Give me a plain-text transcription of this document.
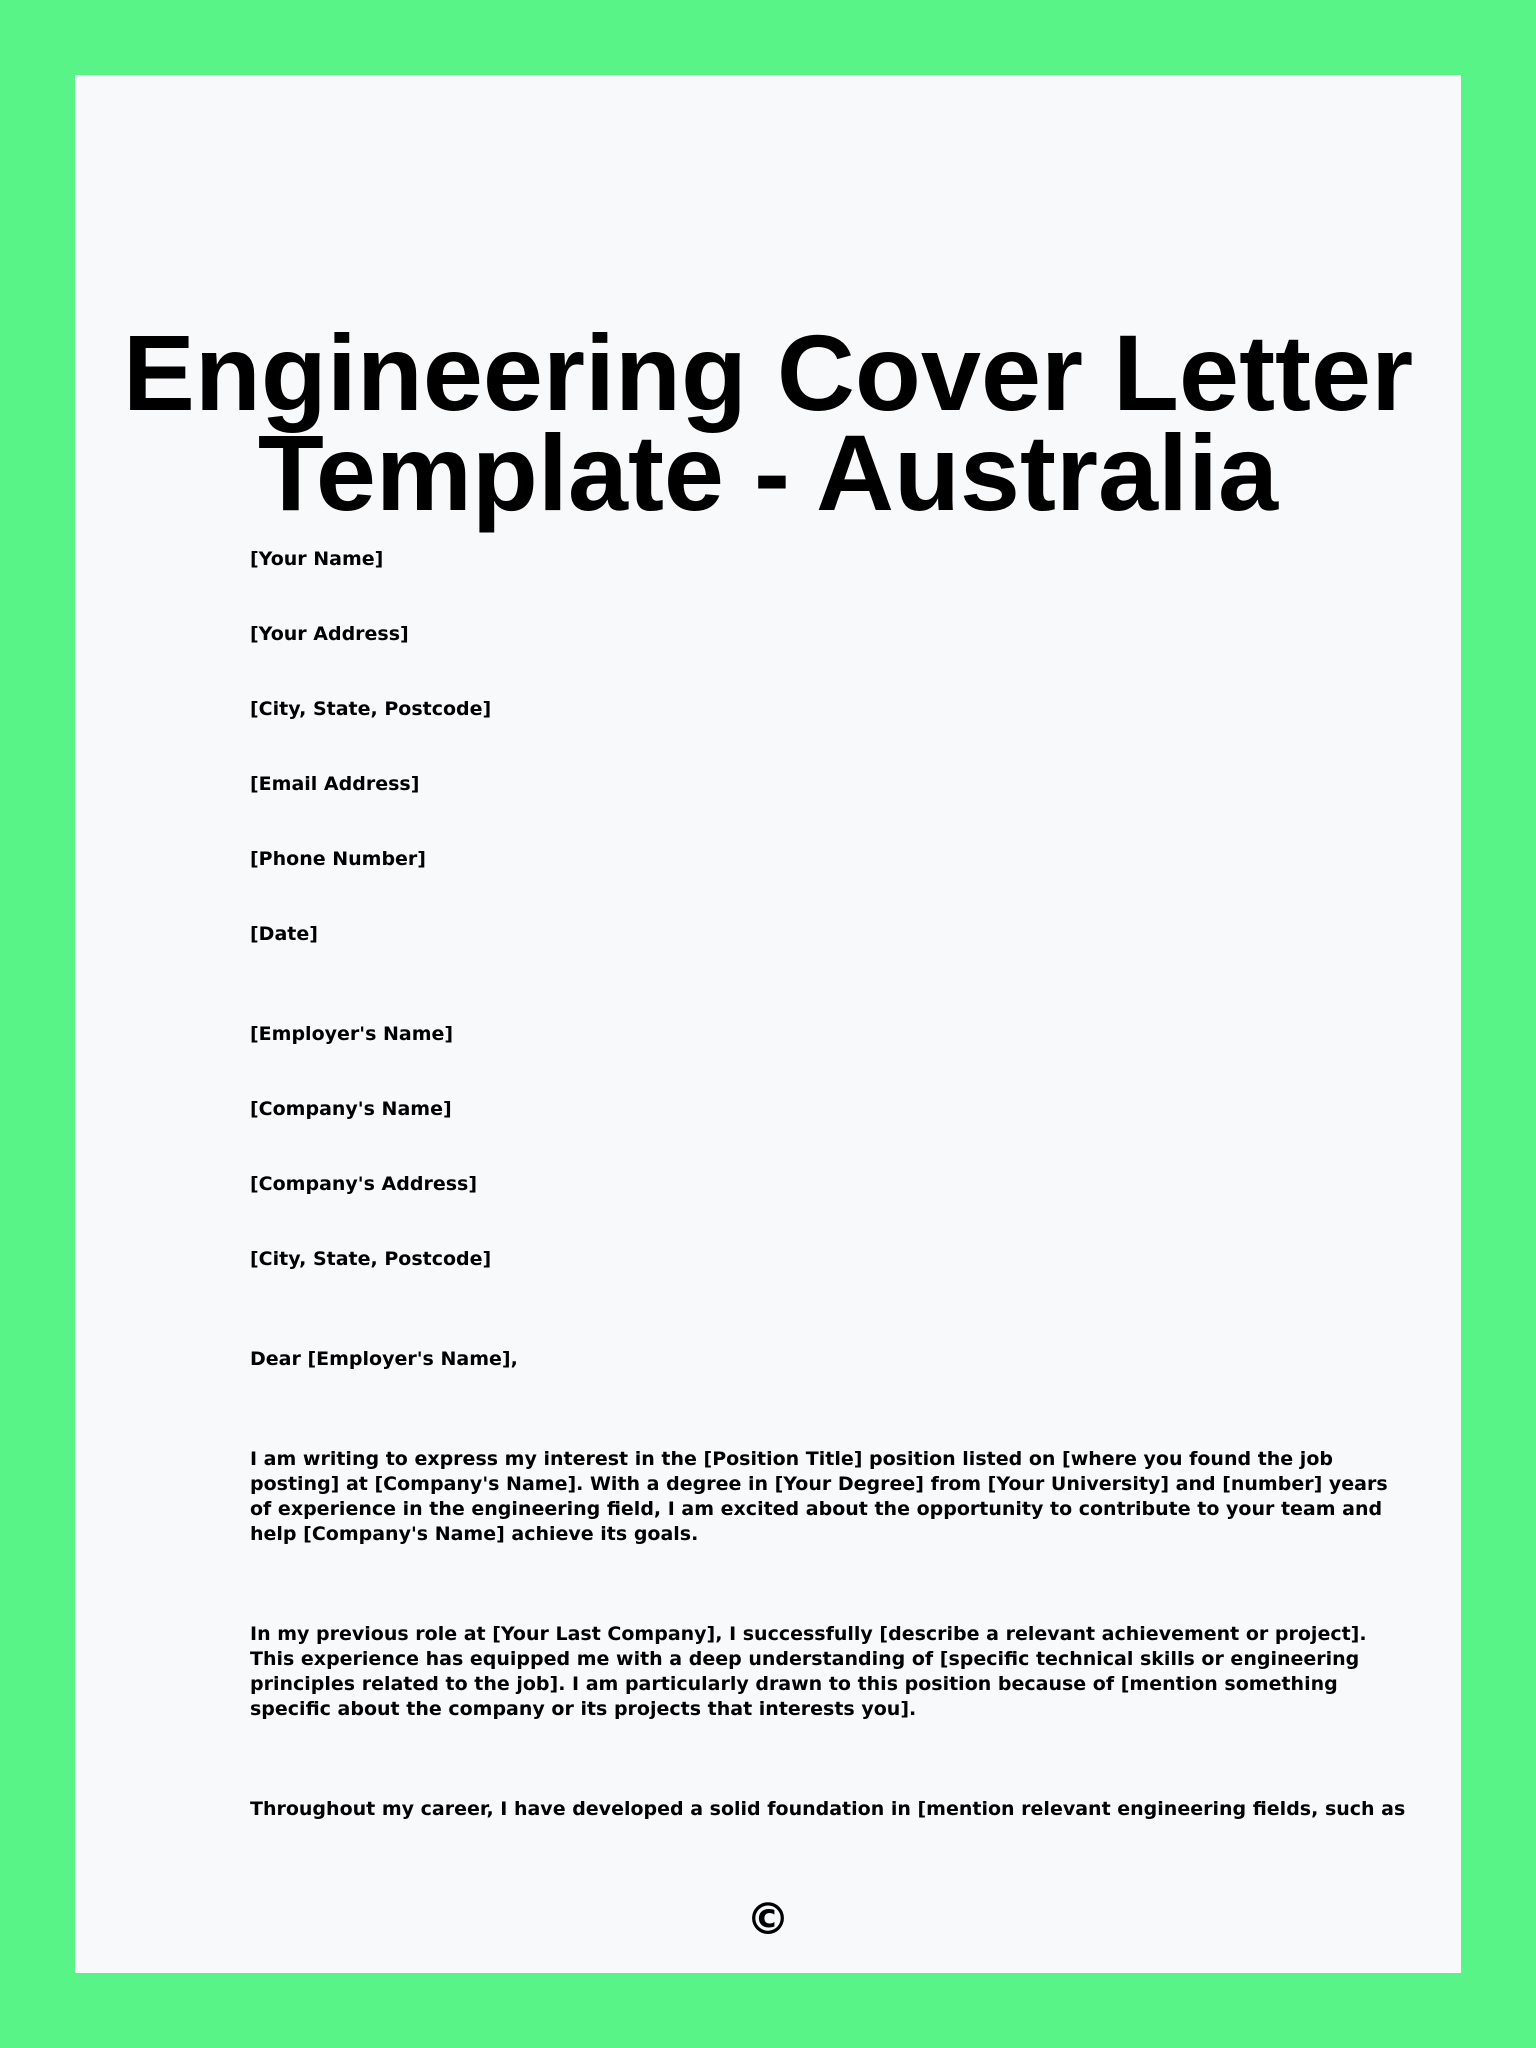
Engineering Cover Letter
Template - Australia

[Your Name]

[Your Address]

[City, State, Postcode]

[Email Address]

[Phone Number]

[Date]

[Employer's Name]

[Company's Name]

[Company's Address]

[City, State, Postcode]

Dear [Employer's Name],

I am writing to express my interest in the [Position Title] position listed on [where you found the job
posting] at [Company's Name]. With a degree in [Your Degree] from [Your University] and [number] years
of experience in the engineering field, I am excited about the opportunity to contribute to your team and
help [Company's Name] achieve its goals.
In my previous role at [Your Last Company], I successfully [describe a relevant achievement or project].
This experience has equipped me with a deep understanding of [specific technical skills or engineering
principles related to the job]. I am particularly drawn to this position because of [mention something
specific about the company or its projects that interests you].
Throughout my career, I have developed a solid foundation in [mention relevant engineering fields, such as
©
